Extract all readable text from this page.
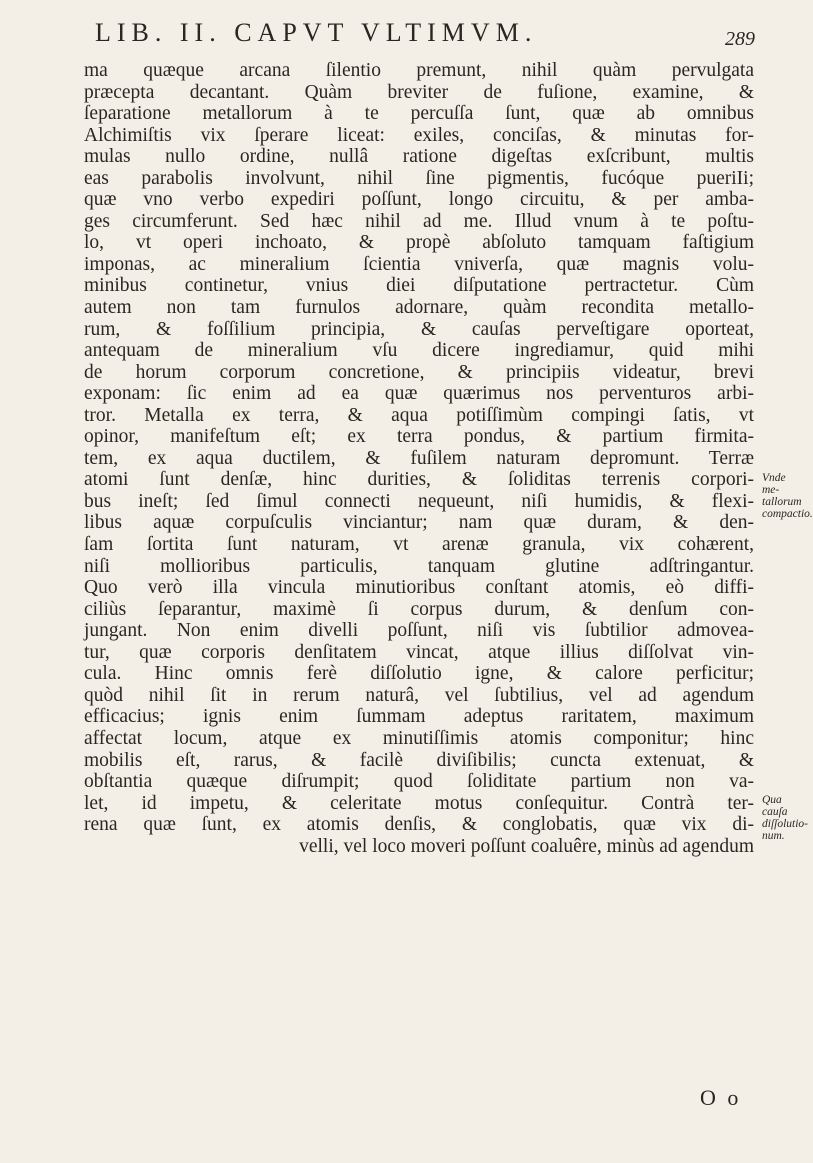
LIB. II. CAPVT VLTIMVM.	289
ma quæque arcana ſilentio premunt, nihil quàm pervulgata
præcepta decantant. Quàm breviter de fuſione, examine, &
ſeparatione metallorum à te percuſſa ſunt, quæ ab omnibus
Alchimiſtis vix ſperare liceat: exiles, conciſas, & minutas for-
mulas nullo ordine, nullâ ratione digeſtas exſcribunt, multis
eas parabolis involvunt, nihil ſine pigmentis, fucóque pueriIi;
quæ vno verbo expediri poſſunt, longo circuitu, & per amba-
ges circumferunt. Sed hæc nihil ad me. Illud vnum à te poſtu-
lo, vt operi inchoato, & propè abſoluto tamquam faſtigium
imponas, ac mineralium ſcientia vniverſa, quæ magnis volu-
minibus continetur, vnius diei diſputatione pertractetur. Cùm
autem non tam furnulos adornare, quàm recondita metallo-
rum, & foſſilium principia, & cauſas perveſtigare oporteat,
antequam de mineralium vſu dicere ingrediamur, quid mihi
de horum corporum concretione, & principiis videatur, brevi
exponam: ſic enim ad ea quæ quærimus nos perventuros arbi-
tror. Metalla ex terra, & aqua potiſſimùm compingi ſatis, vt
opinor, manifeſtum eſt; ex terra pondus, & partium firmita-
tem, ex aqua ductilem, & fuſilem naturam depromunt. Terræ
atomi ſunt denſæ, hinc durities, & ſoliditas terrenis corpori-
bus ineſt; ſed ſimul connecti nequeunt, niſi humidis, & flexi-
libus aquæ corpuſculis vinciantur; nam quæ duram, & den-
ſam ſortita ſunt naturam, vt arenæ granula, vix cohærent,
niſi mollioribus particulis, tanquam glutine adſtringantur.
Quo verò illa vincula minutioribus conſtant atomis, eò diffi-
ciliùs ſeparantur, maximè ſi corpus durum, & denſum con-
jungant. Non enim divelli poſſunt, niſi vis ſubtilior admovea-
tur, quæ corporis denſitatem vincat, atque illius diſſolvat vin-
cula. Hinc omnis ferè diſſolutio igne, & calore perficitur;
quòd nihil ſit in rerum naturâ, vel ſubtilius, vel ad agendum
efficacius; ignis enim ſummam adeptus raritatem, maximum
affectat locum, atque ex minutiſſimis atomis componitur; hinc
mobilis eſt, rarus, & facilè diviſibilis; cuncta extenuat, &
obſtantia quæque diſrumpit; quod ſoliditate partium non va-
let, id impetu, & celeritate motus conſequitur. Contrà ter-
rena quæ ſunt, ex atomis denſis, & conglobatis, quæ vix di-
velli, vel loco moveri poſſunt coaluêre, minùs ad agendum
Vnde me-
tallorum
compactio.
Qua cauſa
diſſolutio-
num.
O o
